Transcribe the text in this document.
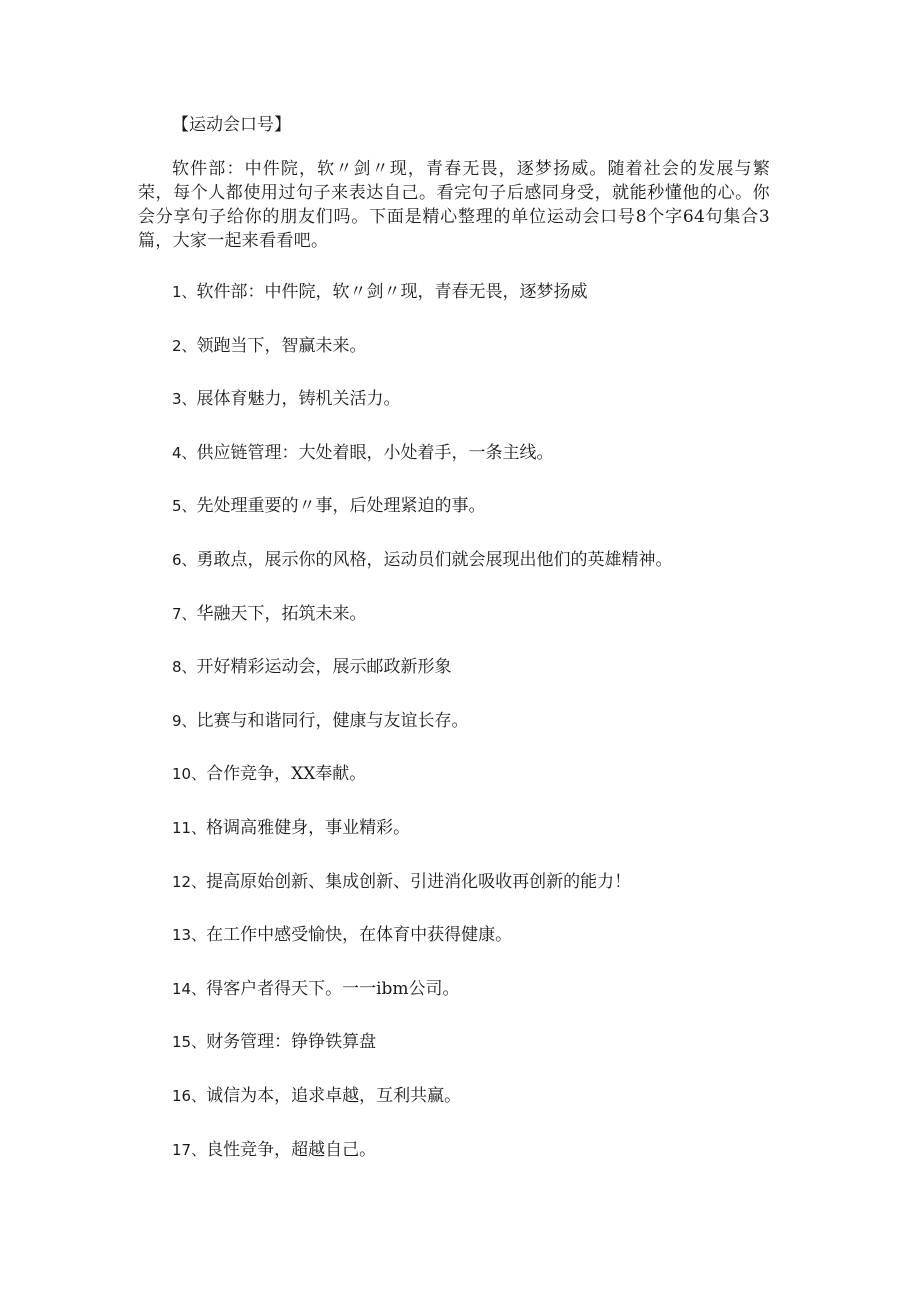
【运动会口号】

软件部：中件院，软〃剑〃现，青春无畏，逐梦扬威。随着社会的发展与繁荣，每个人都使用过句子来表达自己。看完句子后感同身受，就能秒懂他的心。你会分享句子给你的朋友们吗。下面是精心整理的单位运动会口号8个字64句集合3篇，大家一起来看看吧。

1、软件部：中件院，软〃剑〃现，青春无畏，逐梦扬威
2、领跑当下，智赢未来。
3、展体育魅力，铸机关活力。
4、供应链管理：大处着眼，小处着手，一条主线。
5、先处理重要的〃事，后处理紧迫的事。
6、勇敢点，展示你的风格，运动员们就会展现出他们的英雄精神。
7、华融天下，拓筑未来。
8、开好精彩运动会，展示邮政新形象
9、比赛与和谐同行，健康与友谊长存。
10、合作竞争，XX奉献。
11、格调高雅健身，事业精彩。
12、提高原始创新、集成创新、引进消化吸收再创新的能力！
13、在工作中感受愉快，在体育中获得健康。
14、得客户者得天下。一一ibm公司。
15、财务管理：铮铮铁算盘
16、诚信为本，追求卓越，互利共赢。
17、良性竞争，超越自己。
